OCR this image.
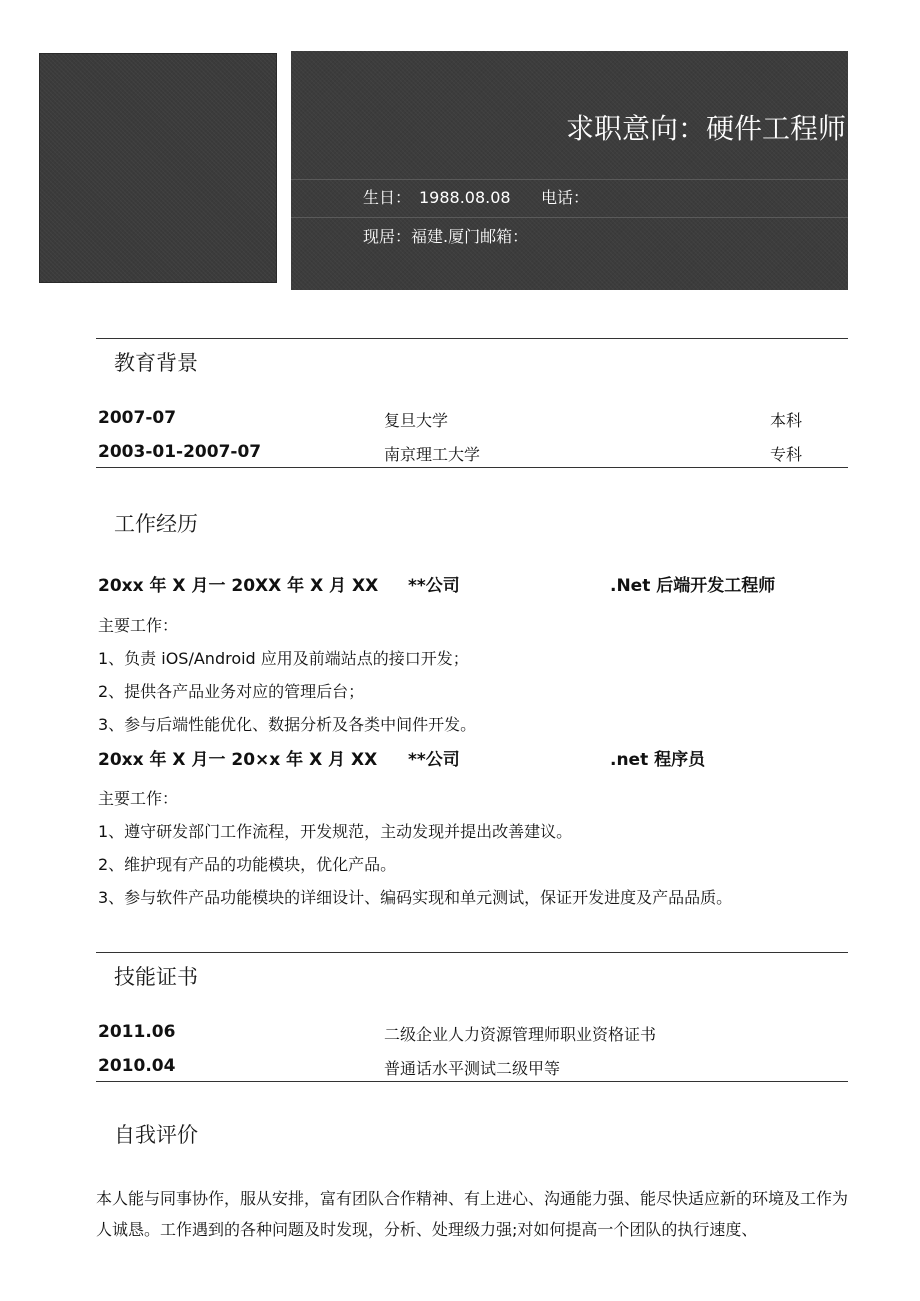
求职意向：硬件工程师
生日： 1988.08.08 电话：
现居：福建.厦门邮箱：
教育背景
2007-07	复旦大学	本科
2003-01-2007-07	南京理工大学	专科
工作经历
20xx 年 X 月一 20XX 年 X 月 XX **公司	.Net 后端开发工程师
主要工作：
1、负责 iOS/Android 应用及前端站点的接口开发；
2、提供各产品业务对应的管理后台；
3、参与后端性能优化、数据分析及各类中间件开发。
20xx 年 X 月一 20×x 年 X 月 XX **公司	.net 程序员
主要工作：
1、遵守研发部门工作流程，开发规范，主动发现并提出改善建议。
2、维护现有产品的功能模块，优化产品。
3、参与软件产品功能模块的详细设计、编码实现和单元测试，保证开发进度及产品品质。
技能证书
2011.06	二级企业人力资源管理师职业资格证书
2010.04	普通话水平测试二级甲等
自我评价
本人能与同事协作，服从安排，富有团队合作精神、有上进心、沟通能力强、能尽快适应新的环境及工作为人诚恳。工作遇到的各种问题及时发现，分析、处理级力强;对如何提高一个团队的执行速度、
